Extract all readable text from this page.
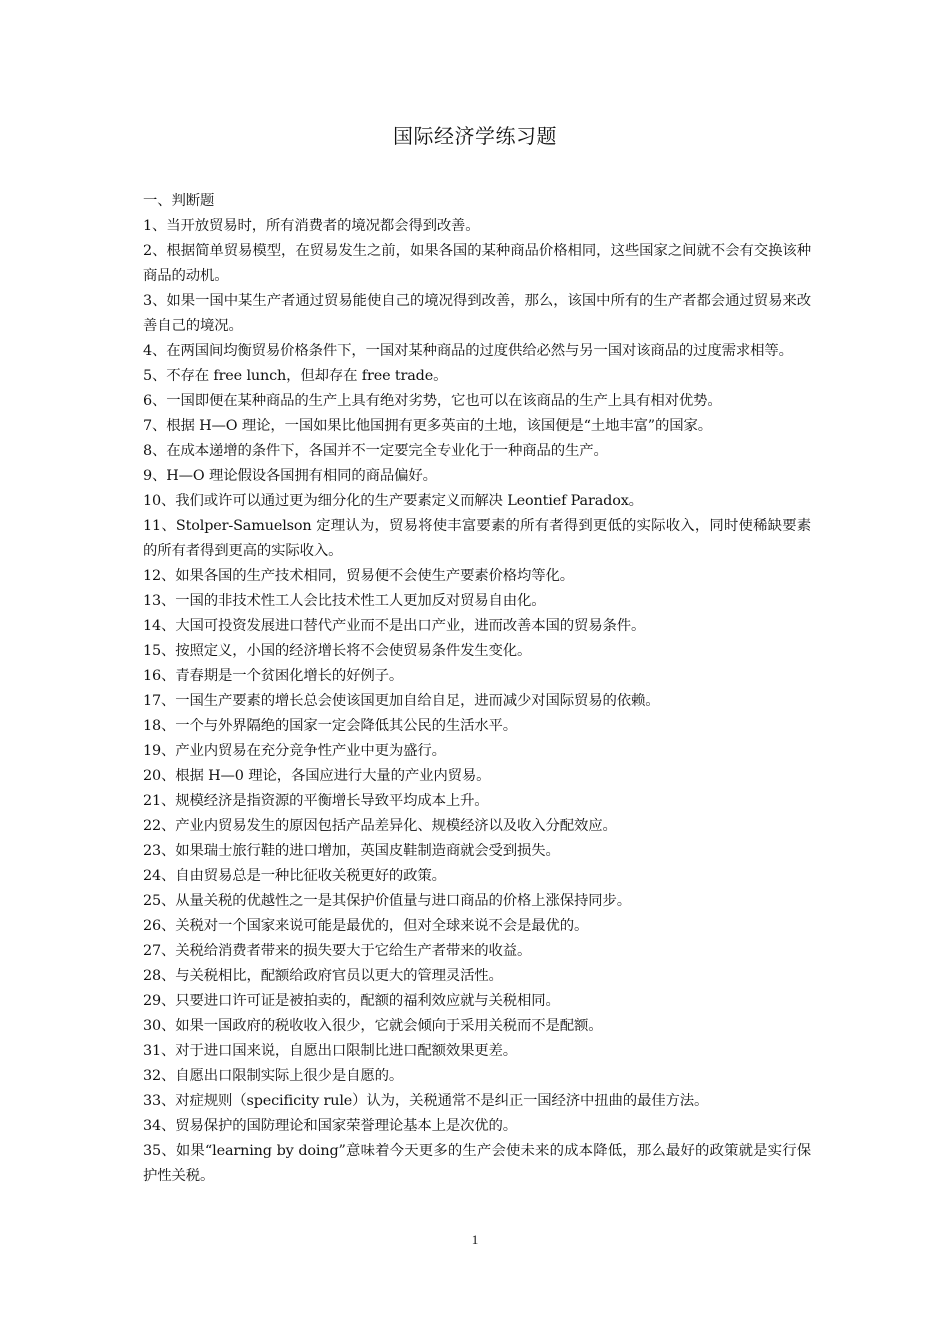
国际经济学练习题

一、判断题

1、当开放贸易时，所有消费者的境况都会得到改善。

2、根据简单贸易模型，在贸易发生之前，如果各国的某种商品价格相同，这些国家之间就不会有交换该种商品的动机。

3、如果一国中某生产者通过贸易能使自己的境况得到改善，那么，该国中所有的生产者都会通过贸易来改善自己的境况。

4、在两国间均衡贸易价格条件下，一国对某种商品的过度供给必然与另一国对该商品的过度需求相等。

5、不存在 free lunch，但却存在 free trade。

6、一国即便在某种商品的生产上具有绝对劣势，它也可以在该商品的生产上具有相对优势。

7、根据 H—O 理论，一国如果比他国拥有更多英亩的土地，该国便是“土地丰富”的国家。

8、在成本递增的条件下，各国并不一定要完全专业化于一种商品的生产。

9、H—O 理论假设各国拥有相同的商品偏好。

10、我们或许可以通过更为细分化的生产要素定义而解决 Leontief Paradox。

11、Stolper-Samuelson 定理认为，贸易将使丰富要素的所有者得到更低的实际收入，同时使稀缺要素的所有者得到更高的实际收入。

12、如果各国的生产技术相同，贸易便不会使生产要素价格均等化。

13、一国的非技术性工人会比技术性工人更加反对贸易自由化。

14、大国可投资发展进口替代产业而不是出口产业，进而改善本国的贸易条件。

15、按照定义，小国的经济增长将不会使贸易条件发生变化。

16、青春期是一个贫困化增长的好例子。

17、一国生产要素的增长总会使该国更加自给自足，进而减少对国际贸易的依赖。

18、一个与外界隔绝的国家一定会降低其公民的生活水平。

19、产业内贸易在充分竞争性产业中更为盛行。

20、根据 H—0 理论，各国应进行大量的产业内贸易。

21、规模经济是指资源的平衡增长导致平均成本上升。

22、产业内贸易发生的原因包括产品差异化、规模经济以及收入分配效应。

23、如果瑞士旅行鞋的进口增加，英国皮鞋制造商就会受到损失。

24、自由贸易总是一种比征收关税更好的政策。

25、从量关税的优越性之一是其保护价值量与进口商品的价格上涨保持同步。

26、关税对一个国家来说可能是最优的，但对全球来说不会是最优的。

27、关税给消费者带来的损失要大于它给生产者带来的收益。

28、与关税相比，配额给政府官员以更大的管理灵活性。

29、只要进口许可证是被拍卖的，配额的福利效应就与关税相同。

30、如果一国政府的税收收入很少，它就会倾向于采用关税而不是配额。

31、对于进口国来说，自愿出口限制比进口配额效果更差。

32、自愿出口限制实际上很少是自愿的。

33、对症规则（specificity rule）认为，关税通常不是纠正一国经济中扭曲的最佳方法。

34、贸易保护的国防理论和国家荣誉理论基本上是次优的。

35、如果“learning by doing”意味着今天更多的生产会使未来的成本降低，那么最好的政策就是实行保护性关税。

1
